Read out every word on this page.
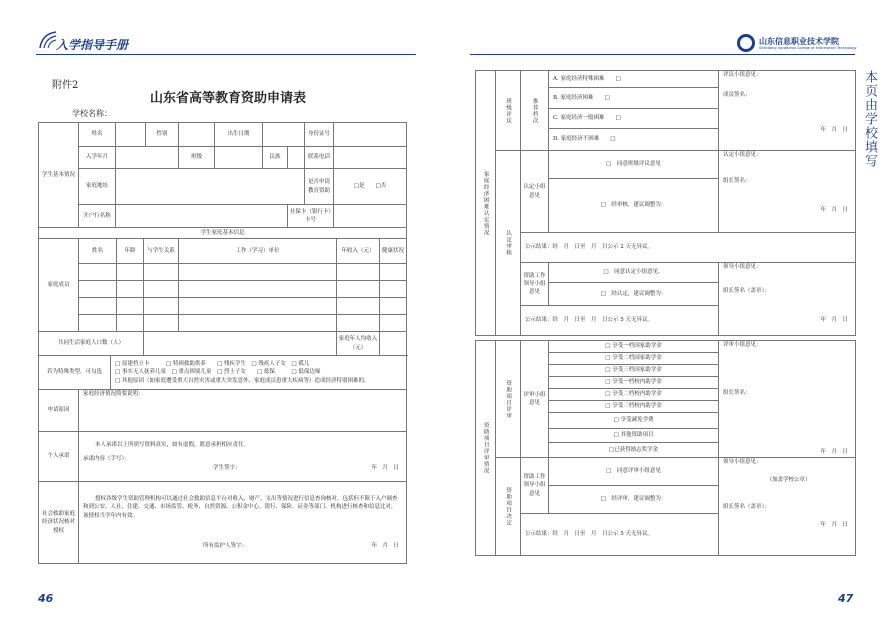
入学指导手册	山东信息职业技术学院
Shandong Vocational College of Information Technology
本页由学校填写
附件2
山东省高等教育资助申请表
学校名称：
学生基本情况	姓名		性别		出生日期			身份证号	
	入学年月			班级		民族		联系电话	
	家庭地址							是否申请教育资助	□是　　 □否
	开户行名称						社保卡（银行卡）卡号		
学生家庭基本信息									
家庭成员	姓名	年龄	与学生关系	工作（学习）单位	年收入（元）	健康状况

共同生活家庭人口数（人）					家庭年人均收入（元）	
若为特殊类型，可勾选		□ 原建档立卡　　　 □ 特困救助供养　　 □ 残疾学生　 □ 残疾人子女　 □ 孤儿
□ 事实无人抚养儿童　 □ 重点困境儿童　 □ 烈士子女　　 □ 低保　　　 □ 低保边缘
□ 其他原因（如家庭遭受重大自然灾害或重大突发意外、家庭成员患重大疾病等）造成经济特别困难的。

申请原因	家庭经济情况简要说明：	
个人承诺	本人承诺以上所填写资料真实，如有虚假，愿意承担相应责任。
承诺内容（手写）：
学生签字： 年　月　日	

社会救助家庭经济状况核对授权	授权各级学生资助管理机构可以通过社会救助信息平台对收入、财产、支出等情况进行信息查询核对，包括但不限于入户调查和到公安、人社、住建、交通、市场监管、税务、自然资源、公积金中心、银行、保险、证券等部门、机构进行核查和信息比对，该授权当学年内有效。
所有监护人签字： 年　月　日	
家庭经济困难认定情况	班级评议	推荐档次	A. 家庭经济特殊困难　　□	评议小组意见：
成员签名：
年　月　日

			B. 家庭经济困难　　□	
			C. 家庭经济一般困难　　□	
			D. 家庭经济不困难　　□	

	认定审核	认定小组意见	□　同意班级评议意见	认定小组意见：
组长签名：
年　月　日

			□　经审核，建议调整为：	
		公示结果：经　月　日至　月　日公示 2 天无异议。		
		资助工作领导小组意见	□　同意认定小组意见。	领导小组意见：
组长签名（盖章）：
年　月　日

			□　经认定，建议调整为：	
		公示结果：经　月　日至　月　日公示 5 天无异议。		
资助项目评审情况	资助项目评审	评审小组意见	□ 享受一档国家助学金	评审小组意见：
组长签名：
年　月　日

			□ 享受二档国家助学金	
			□ 享受三档国家助学金	
			□ 享受一档校内助学金	
			□ 享受二档校内助学金	
			□ 享受三档校内助学金	
			□ 享受减免学费	
			□ 其他资助项目	
			□已获得励志奖学金	

	资助项目决定	资助工作领导小组意见	□　同意评审小组意见	领导小组意见：
（加盖学校公章）
组长签名（盖章）：
年　月　日

			□　经评审，建议调整为：	
		公示结果：经　月　日至　月　日公示 5 天无异议。		
46	47
